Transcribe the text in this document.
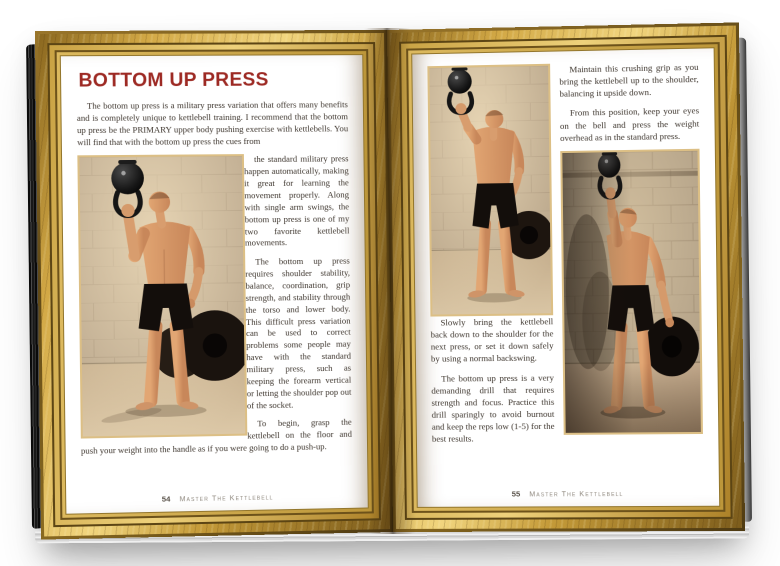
BOTTOM UP PRESS

The bottom up press is a military press variation that offers many benefits and is completely unique to kettlebell training. I recommend that the bottom up press be the PRIMARY upper body pushing exercise with kettlebells. You will find that with the bottom up press the cues from

the standard military press happen automatically, making it great for learning the movement properly. Along with single arm swings, the bottom up press is one of my two favorite kettlebell movements.

The bottom up press requires shoulder stability, balance, coordination, grip strength, and stability through the torso and lower body. This difficult press variation can be used to correct problems some people may have with the standard military press, such as keeping the forearm vertical or letting the shoulder pop out of the socket.

To begin, grasp the kettlebell on the floor and push your weight into the handle as if you were going to do a push-up.

54 Master The Kettlebell

Slowly bring the kettlebell back down to the shoulder for the next press, or set it down safely by using a normal backswing.

The bottom up press is a very demanding drill that requires strength and focus. Practice this drill sparingly to avoid burnout and keep the reps low (1-5) for the best results.

Maintain this crushing grip as you bring the kettlebell up to the shoulder, balancing it upside down.

From this position, keep your eyes on the bell and press the weight overhead as in the standard press.

55 Master The Kettlebell
